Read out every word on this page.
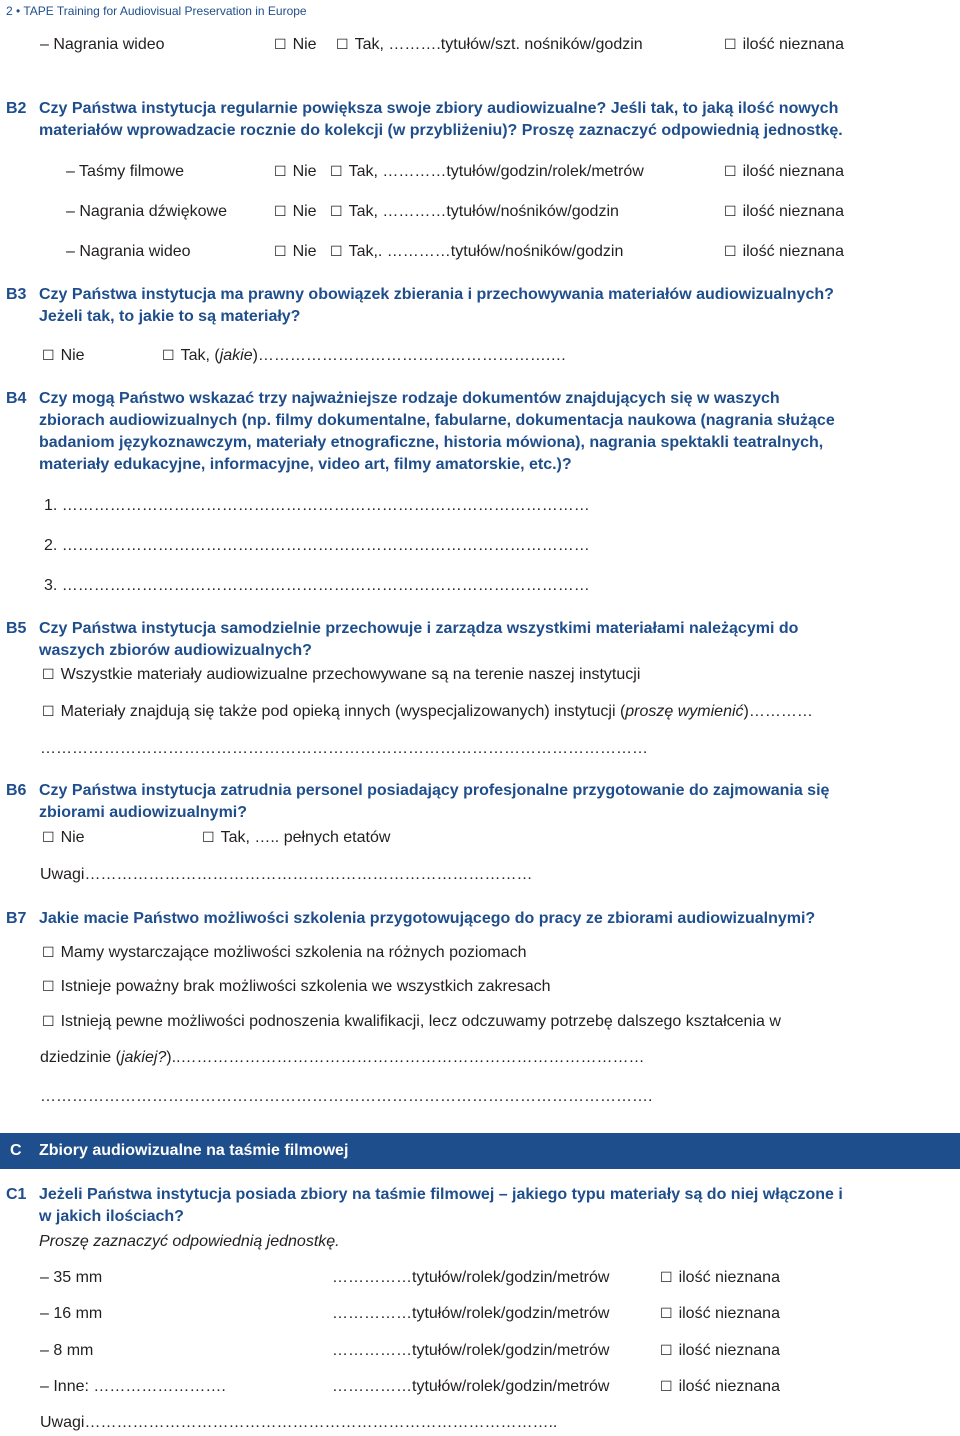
2 • TAPE Training for Audiovisual Preservation in Europe
– Nagrania wideo	☐ Nie ☐ Tak, ……….tytułów/szt. nośników/godzin	☐ ilość nieznana
B2 Czy Państwa instytucja regularnie powiększa swoje zbiory audiowizualne? Jeśli tak, to jaką ilość nowych
materiałów wprowadzacie rocznie do kolekcji (w przybliżeniu)? Proszę zaznaczyć odpowiednią jednostkę.
– Taśmy filmowe	☐ Nie ☐ Tak, …………tytułów/godzin/rolek/metrów	☐ ilość nieznana
– Nagrania dźwiękowe	☐ Nie ☐ Tak, …………tytułów/nośników/godzin	☐ ilość nieznana
– Nagrania wideo	☐ Nie ☐ Tak,. …………tytułów/nośników/godzin	☐ ilość nieznana
B3 Czy Państwa instytucja ma prawny obowiązek zbierania i przechowywania materiałów audiowizualnych?
Jeżeli tak, to jakie to są materiały?
☐ Nie	☐ Tak, (jakie)……………………………………………….…
B4 Czy mogą Państwo wskazać trzy najważniejsze rodzaje dokumentów znajdujących się w waszych
zbiorach audiowizualnych (np. filmy dokumentalne, fabularne, dokumentacja naukowa (nagrania służące
badaniom językoznawczym, materiały etnograficzne, historia mówiona), nagrania spektakli teatralnych,
materiały edukacyjne, informacyjne, video art, filmy amatorskie, etc.)?
1. ………………………………………………………………………………………
2. ………………………………………………………………………………………
3. ………………………………………………………………………………………
B5 Czy Państwa instytucja samodzielnie przechowuje i zarządza wszystkimi materiałami należącymi do
waszych zbiorów audiowizualnych?
☐ Wszystkie materiały audiowizualne przechowywane są na terenie naszej instytucji
☐ Materiały znajdują się także pod opieką innych (wyspecjalizowanych) instytucji (proszę wymienić)…………
……………………………………………………………………………………………………
B6 Czy Państwa instytucja zatrudnia personel posiadający profesjonalne przygotowanie do zajmowania się
zbiorami audiowizualnymi?
☐ Nie	☐ Tak, ….. pełnych etatów
Uwagi…………………………………………………………………………
B7 Jakie macie Państwo możliwości szkolenia przygotowującego do pracy ze zbiorami audiowizualnymi?
☐ Mamy wystarczające możliwości szkolenia na różnych poziomach
☐ Istnieje poważny brak możliwości szkolenia we wszystkich zakresach
☐ Istnieją pewne możliwości podnoszenia kwalifikacji, lecz odczuwamy potrzebę dalszego kształcenia w
dziedzinie (jakiej?)..……………………………………………………………………………
…………………………………………………………………………………………………….
C Zbiory audiowizualne na taśmie filmowej
C1 Jeżeli Państwa instytucja posiada zbiory na taśmie filmowej – jakiego typu materiały są do niej włączone i
w jakich ilościach?
Proszę zaznaczyć odpowiednią jednostkę.
– 35 mm	……………tytułów/rolek/godzin/metrów	☐ ilość nieznana
– 16 mm	……………tytułów/rolek/godzin/metrów	☐ ilość nieznana
– 8 mm	……………tytułów/rolek/godzin/metrów	☐ ilość nieznana
– Inne: …………………….	……………tytułów/rolek/godzin/metrów	☐ ilość nieznana
Uwagi……………………………………………………………………………..
